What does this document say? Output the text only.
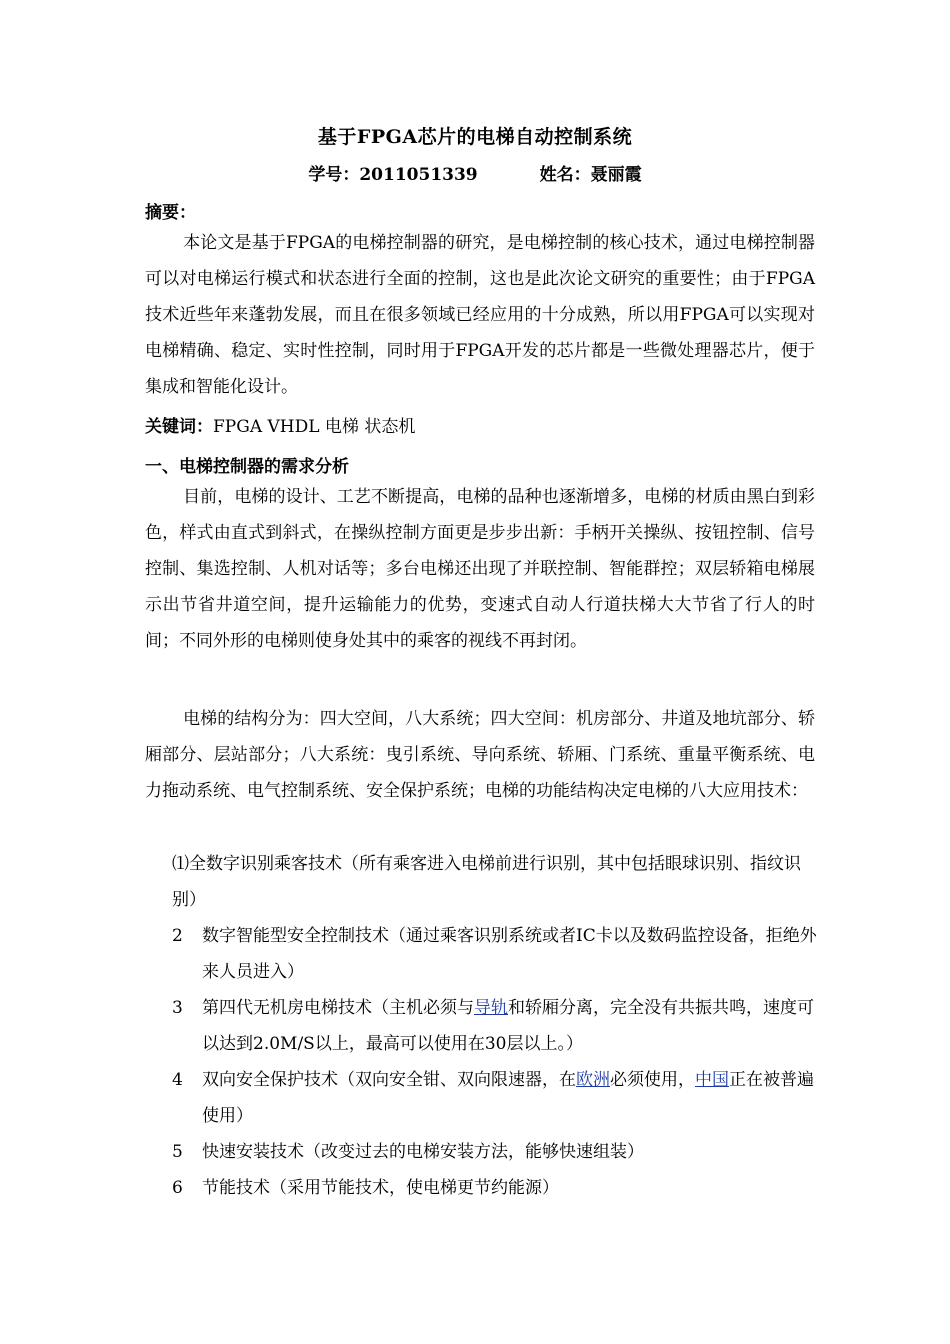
基于FPGA芯片的电梯自动控制系统
学号：2011051339	姓名：聂丽霞
摘要：
本论文是基于FPGA的电梯控制器的研究，是电梯控制的核心技术，通过电梯控制器可以对电梯运行模式和状态进行全面的控制，这也是此次论文研究的重要性；由于FPGA技术近些年来蓬勃发展，而且在很多领域已经应用的十分成熟，所以用FPGA可以实现对电梯精确、稳定、实时性控制，同时用于FPGA开发的芯片都是一些微处理器芯片，便于集成和智能化设计。
关键词：FPGA VHDL 电梯 状态机
一、电梯控制器的需求分析
目前，电梯的设计、工艺不断提高，电梯的品种也逐渐增多，电梯的材质由黑白到彩色，样式由直式到斜式，在操纵控制方面更是步步出新：手柄开关操纵、按钮控制、信号控制、集选控制、人机对话等；多台电梯还出现了并联控制、智能群控；双层轿箱电梯展示出节省井道空间，提升运输能力的优势，变速式自动人行道扶梯大大节省了行人的时间；不同外形的电梯则使身处其中的乘客的视线不再封闭。
电梯的结构分为：四大空间，八大系统；四大空间：机房部分、井道及地坑部分、轿厢部分、层站部分；八大系统：曳引系统、导向系统、轿厢、门系统、重量平衡系统、电力拖动系统、电气控制系统、安全保护系统；电梯的功能结构决定电梯的八大应用技术：
⑴全数字识别乘客技术（所有乘客进入电梯前进行识别，其中包括眼球识别、指纹识别）
2	数字智能型安全控制技术（通过乘客识别系统或者IC卡以及数码监控设备，拒绝外来人员进入）
3	第四代无机房电梯技术（主机必须与导轨和轿厢分离，完全没有共振共鸣，速度可以达到2.0M/S以上，最高可以使用在30层以上。）
4	双向安全保护技术（双向安全钳、双向限速器，在欧洲必须使用，中国正在被普遍使用）
5	快速安装技术（改变过去的电梯安装方法，能够快速组装）
6	节能技术（采用节能技术，使电梯更节约能源）
